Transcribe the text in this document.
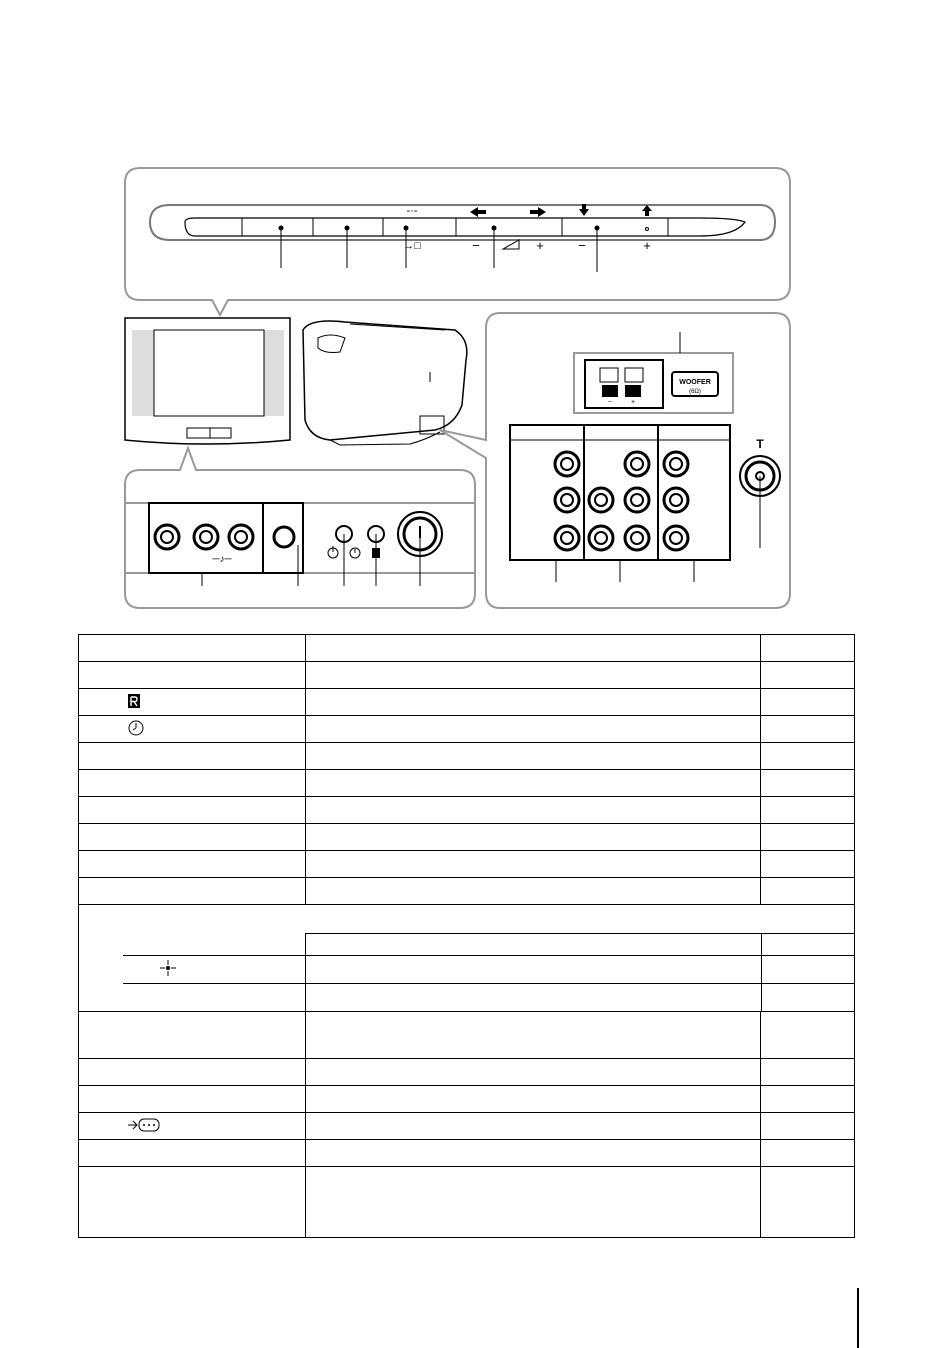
-·-
→□	−	+	−	+
−	+
WOOFER
(6Ω)
T
─♪─
